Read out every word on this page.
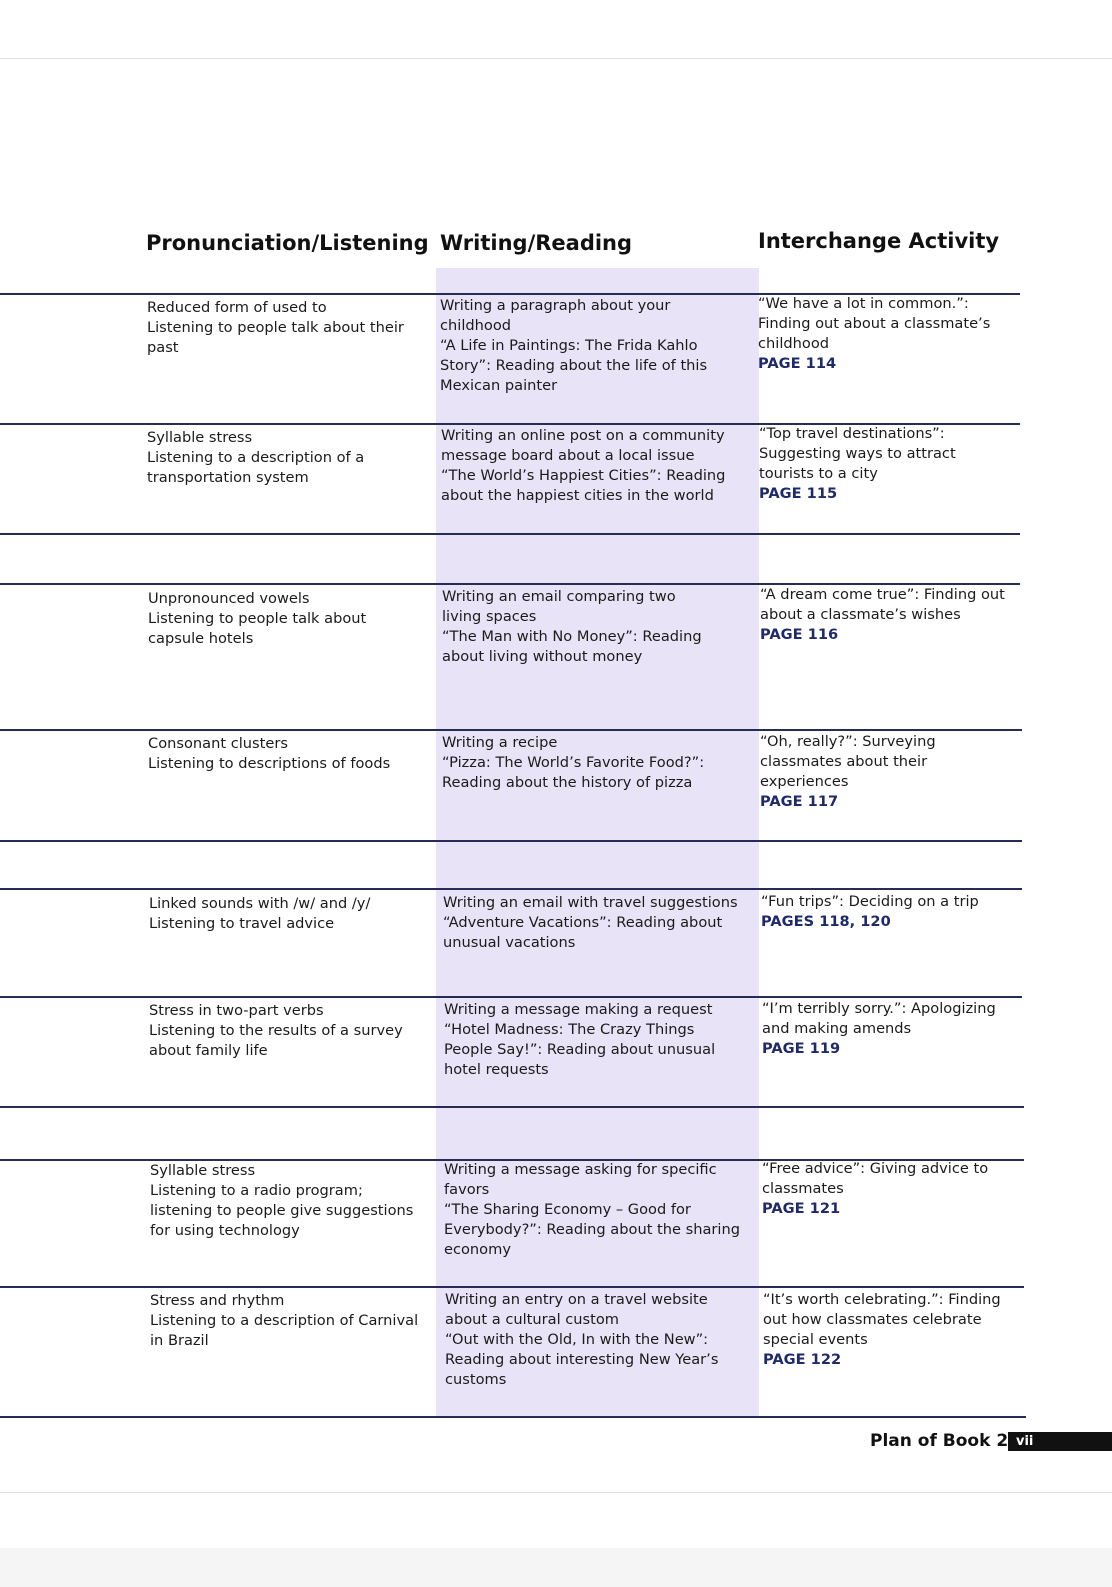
Pronunciation/Listening Writing/Reading	Interchange Activity
Reduced form of used to
Listening to people talk about their
past
Writing a paragraph about your
childhood
“A Life in Paintings: The Frida Kahlo
Story”: Reading about the life of this
Mexican painter
“We have a lot in common.”:
Finding out about a classmate’s
childhood
PAGE 114
Syllable stress
Listening to a description of a
transportation system
Writing an online post on a community
message board about a local issue
“The World’s Happiest Cities”: Reading
about the happiest cities in the world
“Top travel destinations”:
Suggesting ways to attract
tourists to a city
PAGE 115
Unpronounced vowels
Listening to people talk about
capsule hotels
Writing an email comparing two
living spaces
“The Man with No Money”: Reading
about living without money
“A dream come true”: Finding out
about a classmate’s wishes
PAGE 116
Consonant clusters
Listening to descriptions of foods
Writing a recipe
“Pizza: The World’s Favorite Food?”:
Reading about the history of pizza
“Oh, really?”: Surveying
classmates about their
experiences
PAGE 117
Linked sounds with /w/ and /y/
Listening to travel advice
Writing an email with travel suggestions
“Adventure Vacations”: Reading about
unusual vacations
“Fun trips”: Deciding on a trip
PAGES 118, 120
Stress in two-part verbs
Listening to the results of a survey
about family life
Writing a message making a request
“Hotel Madness: The Crazy Things
People Say!”: Reading about unusual
hotel requests
“I’m terribly sorry.”: Apologizing
and making amends
PAGE 119
Syllable stress
Listening to a radio program;
listening to people give suggestions
for using technology
Writing a message asking for specific
favors
“The Sharing Economy – Good for
Everybody?”: Reading about the sharing
economy
“Free advice”: Giving advice to
classmates
PAGE 121
Stress and rhythm
Listening to a description of Carnival
in Brazil
Writing an entry on a travel website
about a cultural custom
“Out with the Old, In with the New”:
Reading about interesting New Year’s
customs
“It’s worth celebrating.”: Finding
out how classmates celebrate
special events
PAGE 122
Plan of Book 2 vii
